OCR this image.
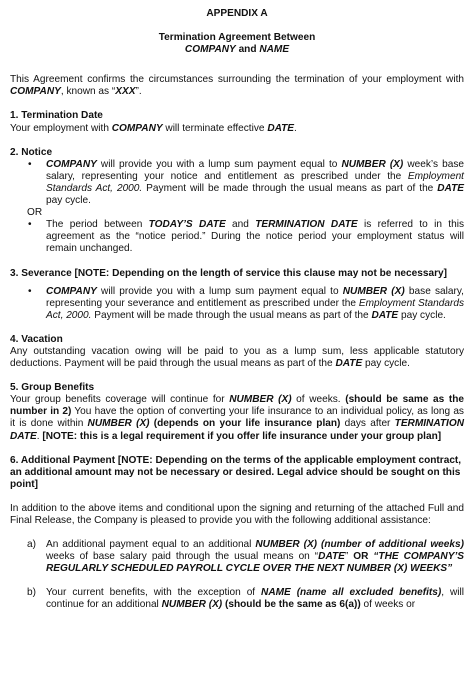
APPENDIX A

Termination Agreement Between

COMPANY and NAME

This Agreement confirms the circumstances surrounding the termination of your employment with COMPANY, known as “XXX”.

1. Termination Date

Your employment with COMPANY will terminate effective DATE.

2. Notice

• COMPANY will provide you with a lump sum payment equal to NUMBER (X) week’s base salary, representing your notice and entitlement as prescribed under the Employment Standards Act, 2000. Payment will be made through the usual means as part of the DATE pay cycle.

OR

• The period between TODAY’S DATE and TERMINATION DATE is referred to in this agreement as the “notice period.” During the notice period your employment status will remain unchanged.

3. Severance [NOTE: Depending on the length of service this clause may not be necessary]

• COMPANY will provide you with a lump sum payment equal to NUMBER (X) base salary, representing your severance and entitlement as prescribed under the Employment Standards Act, 2000. Payment will be made through the usual means as part of the DATE pay cycle.

4. Vacation

Any outstanding vacation owing will be paid to you as a lump sum, less applicable statutory deductions. Payment will be paid through the usual means as part of the DATE pay cycle.

5. Group Benefits

Your group benefits coverage will continue for NUMBER (X) of weeks. (should be same as the number in 2) You have the option of converting your life insurance to an individual policy, as long as it is done within NUMBER (X) (depends on your life insurance plan) days after TERMINATION DATE. [NOTE: this is a legal requirement if you offer life insurance under your group plan]

6. Additional Payment [NOTE: Depending on the terms of the applicable employment contract, an additional amount may not be necessary or desired. Legal advice should be sought on this point]

In addition to the above items and conditional upon the signing and returning of the attached Full and Final Release, the Company is pleased to provide you with the following additional assistance:

a) An additional payment equal to an additional NUMBER (X) (number of additional weeks) weeks of base salary paid through the usual means on “DATE” OR “THE COMPANY’S REGULARLY SCHEDULED PAYROLL CYCLE OVER THE NEXT NUMBER (X) WEEKS”

b) Your current benefits, with the exception of NAME (name all excluded benefits), will continue for an additional NUMBER (X) (should be the same as 6(a)) of weeks or
